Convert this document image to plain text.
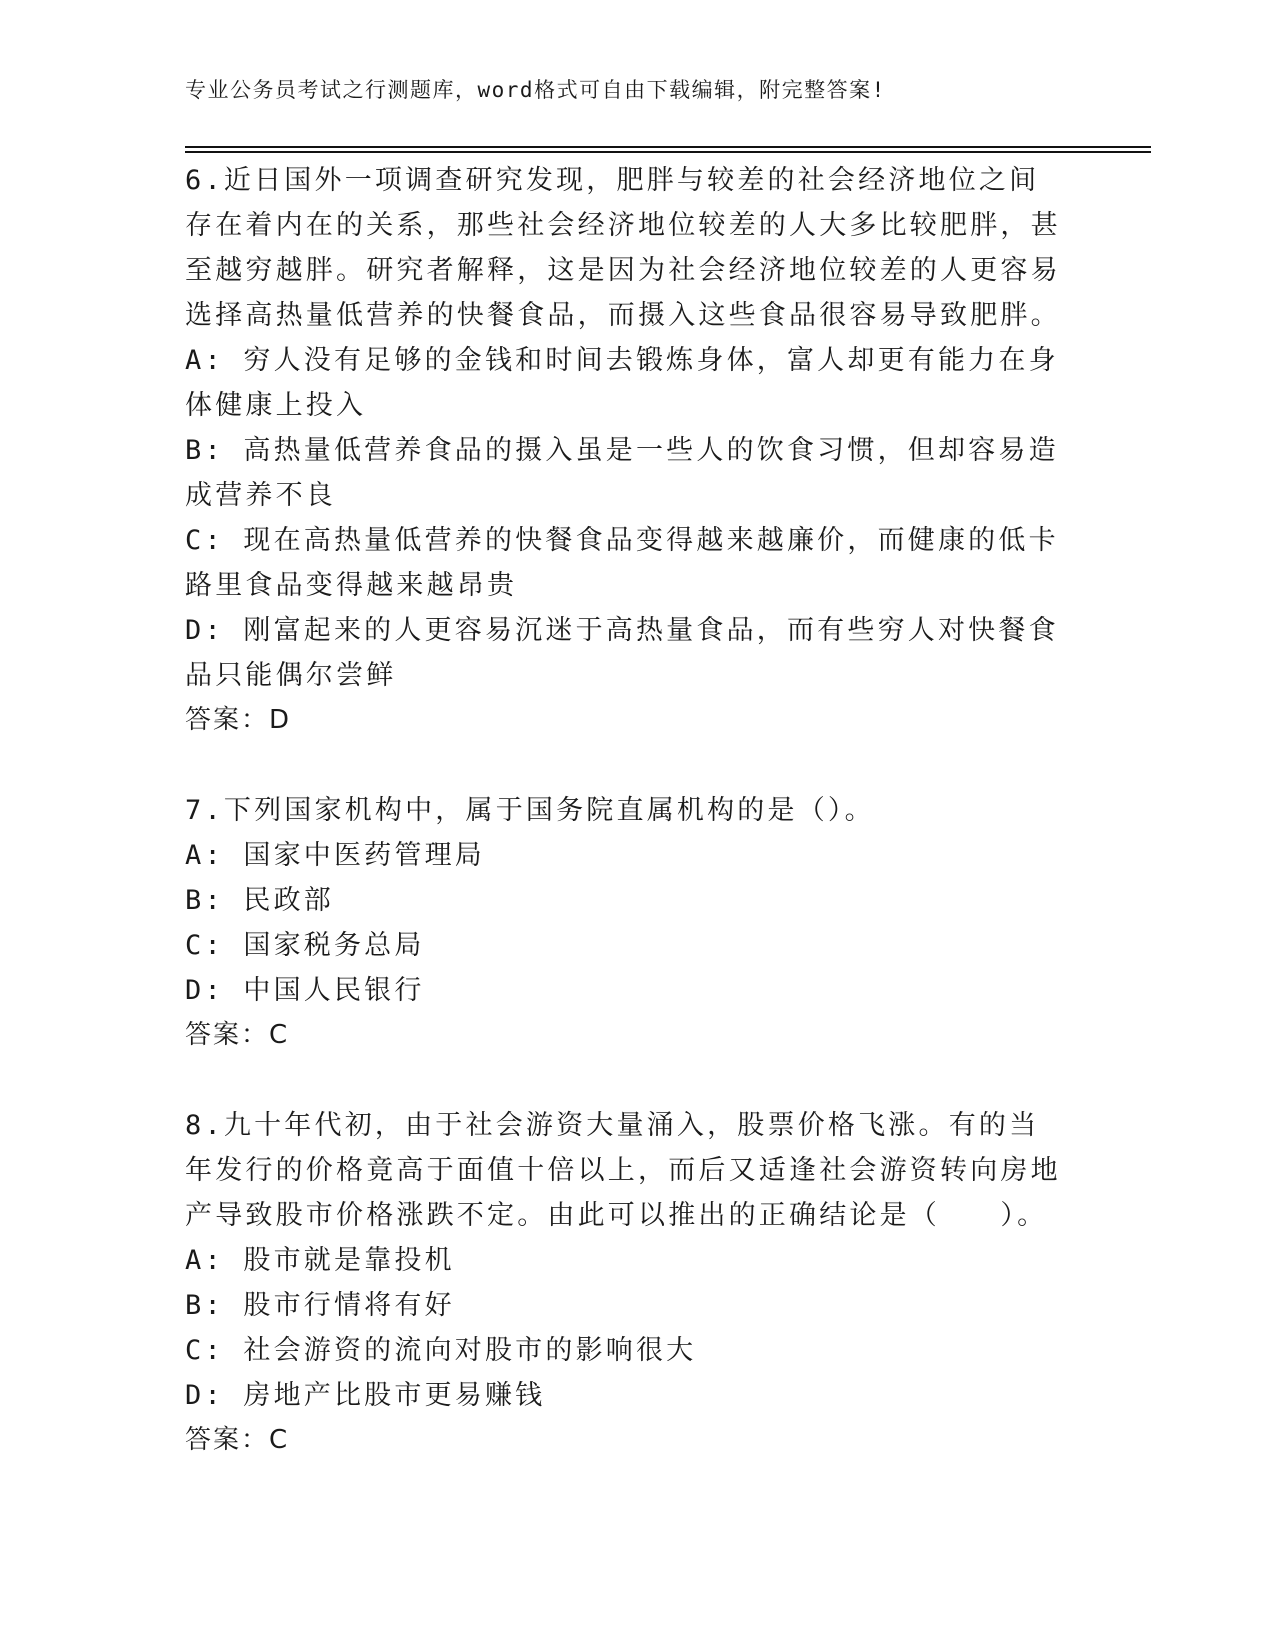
专业公务员考试之行测题库，word格式可自由下载编辑，附完整答案!

6.近日国外一项调查研究发现，肥胖与较差的社会经济地位之间存在着内在的关系，那些社会经济地位较差的人大多比较肥胖，甚至越穷越胖。研究者解释，这是因为社会经济地位较差的人更容易选择高热量低营养的快餐食品，而摄入这些食品很容易导致肥胖。

A: 穷人没有足够的金钱和时间去锻炼身体，富人却更有能力在身体健康上投入

B: 高热量低营养食品的摄入虽是一些人的饮食习惯，但却容易造成营养不良

C: 现在高热量低营养的快餐食品变得越来越廉价，而健康的低卡路里食品变得越来越昂贵

D: 刚富起来的人更容易沉迷于高热量食品，而有些穷人对快餐食品只能偶尔尝鲜

答案：D

7.下列国家机构中，属于国务院直属机构的是（）。

A: 国家中医药管理局

B: 民政部

C: 国家税务总局

D: 中国人民银行

答案：C

8.九十年代初，由于社会游资大量涌入，股票价格飞涨。有的当年发行的价格竟高于面值十倍以上，而后又适逢社会游资转向房地产导致股市价格涨跌不定。由此可以推出的正确结论是（　　）。

A: 股市就是靠投机

B: 股市行情将有好

C: 社会游资的流向对股市的影响很大

D: 房地产比股市更易赚钱

答案：C
